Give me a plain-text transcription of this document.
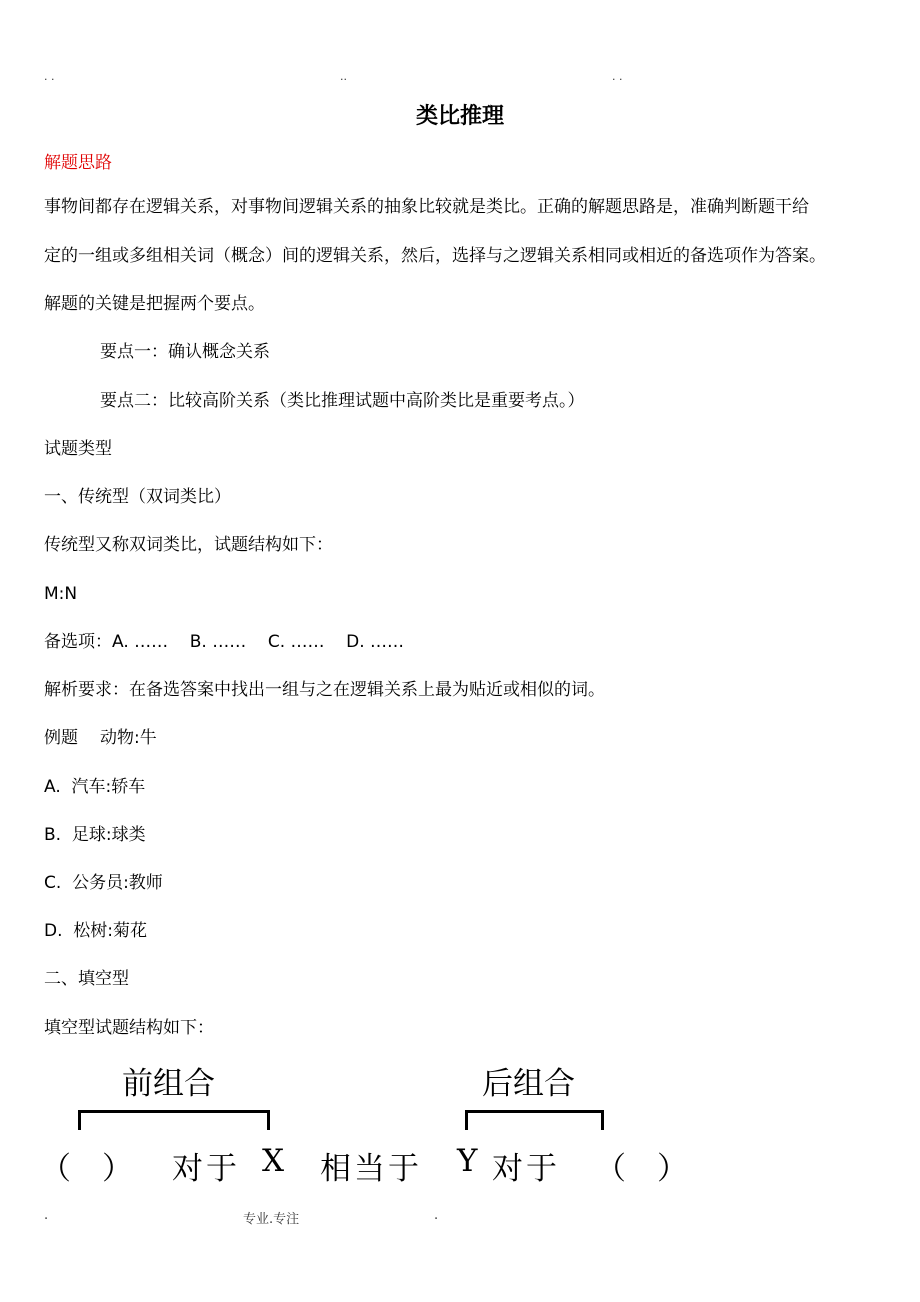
. .	..	. .
类比推理
解题思路
事物间都存在逻辑关系，对事物间逻辑关系的抽象比较就是类比。正确的解题思路是，准确判断题干给
定的一组或多组相关词（概念）间的逻辑关系，然后，选择与之逻辑关系相同或相近的备选项作为答案。
解题的关键是把握两个要点。
要点一：确认概念关系
要点二：比较高阶关系（类比推理试题中高阶类比是重要考点。）
试题类型
一、传统型（双词类比）
传统型又称双词类比，试题结构如下：
M:N
备选项：A. ……    B. ……    C. ……    D. ……
解析要求：在备选答案中找出一组与之在逻辑关系上最为贴近或相似的词。
例题 动物:牛
A.  汽车:轿车
B.  足球:球类
C.  公务员:教师
D.  松树:菊花
二、填空型
填空型试题结构如下：
前组合	后组合
（　） 对于 X 相当于 Y 对于 （　）
.	专业.专注	.
